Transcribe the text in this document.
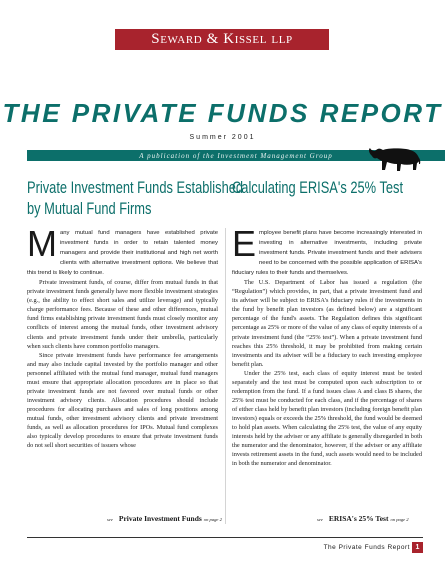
Seward & Kissel llp
THE PRIVATE FUNDS REPORT
Summer 2001
A publication of the Investment Management Group
Private Investment Funds Established
by Mutual Fund Firms
Calculating ERISA's 25% Test

Many mutual fund managers have established private investment funds in order to retain talented money managers and provide their institutional and high net worth clients with alternative investment options. We believe that this trend is likely to continue.

Private investment funds, of course, differ from mutual funds in that private investment funds generally have more flexible investment strategies (e.g., the ability to effect short sales and utilize leverage) and typically charge performance fees. Because of these and other differences, mutual fund firms establishing private investment funds must closely monitor any conflicts of interest among the mutual funds, other investment advisory clients and private investment funds under their umbrella, particularly when such clients have common portfolio managers.

Since private investment funds have performance fee arrangements and may also include capital invested by the portfolio manager and other personnel affiliated with the mutual fund manager, mutual fund managers must ensure that appropriate allocation procedures are in place so that private investment funds are not favored over mutual funds or other investment advisory clients. Allocation procedures should include procedures for allocating purchases and sales of long positions among mutual funds, other investment advisory clients and private investment funds, as well as allocation procedures for IPOs. Mutual fund complexes also typically develop procedures to ensure that private investment funds do not sell short securities of issuers whose

Employee benefit plans have become increasingly interested in investing in alternative investments, including private investment funds. Private investment funds and their advisers need to be concerned with the possible application of ERISA's fiduciary rules to their funds and themselves.

The U.S. Department of Labor has issued a regulation (the “Regulation”) which provides, in part, that a private investment fund and its adviser will be subject to ERISA's fiduciary rules if the investments in the fund by benefit plan investors (as defined below) are a significant percentage of the fund's assets. The Regulation defines this significant percentage as 25% or more of the value of any class of equity interests of a private investment fund (the “25% test”). When a private investment fund reaches this 25% threshold, it may be prohibited from making certain investments and its adviser will be a fiduciary to each investing employee benefit plan.

Under the 25% test, each class of equity interest must be tested separately and the test must be computed upon each subscription to or redemption from the fund. If a fund issues class A and class B shares, the 25% test must be conducted for each class, and if the percentage of shares of either class held by benefit plan investors (including foreign benefit plan investors) equals or exceeds the 25% threshold, the fund would be deemed to hold plan assets. When calculating the 25% test, the value of any equity interests held by the adviser or any affiliate is generally disregarded in both the numerator and the denominator, however, if the adviser or any affiliate invests retirement assets in the fund, such assets would need to be included in both the numerator and denominator.

see Private Investment Funds on page 2	see ERISA's 25% Test on page 2
The Private Funds Report 1
